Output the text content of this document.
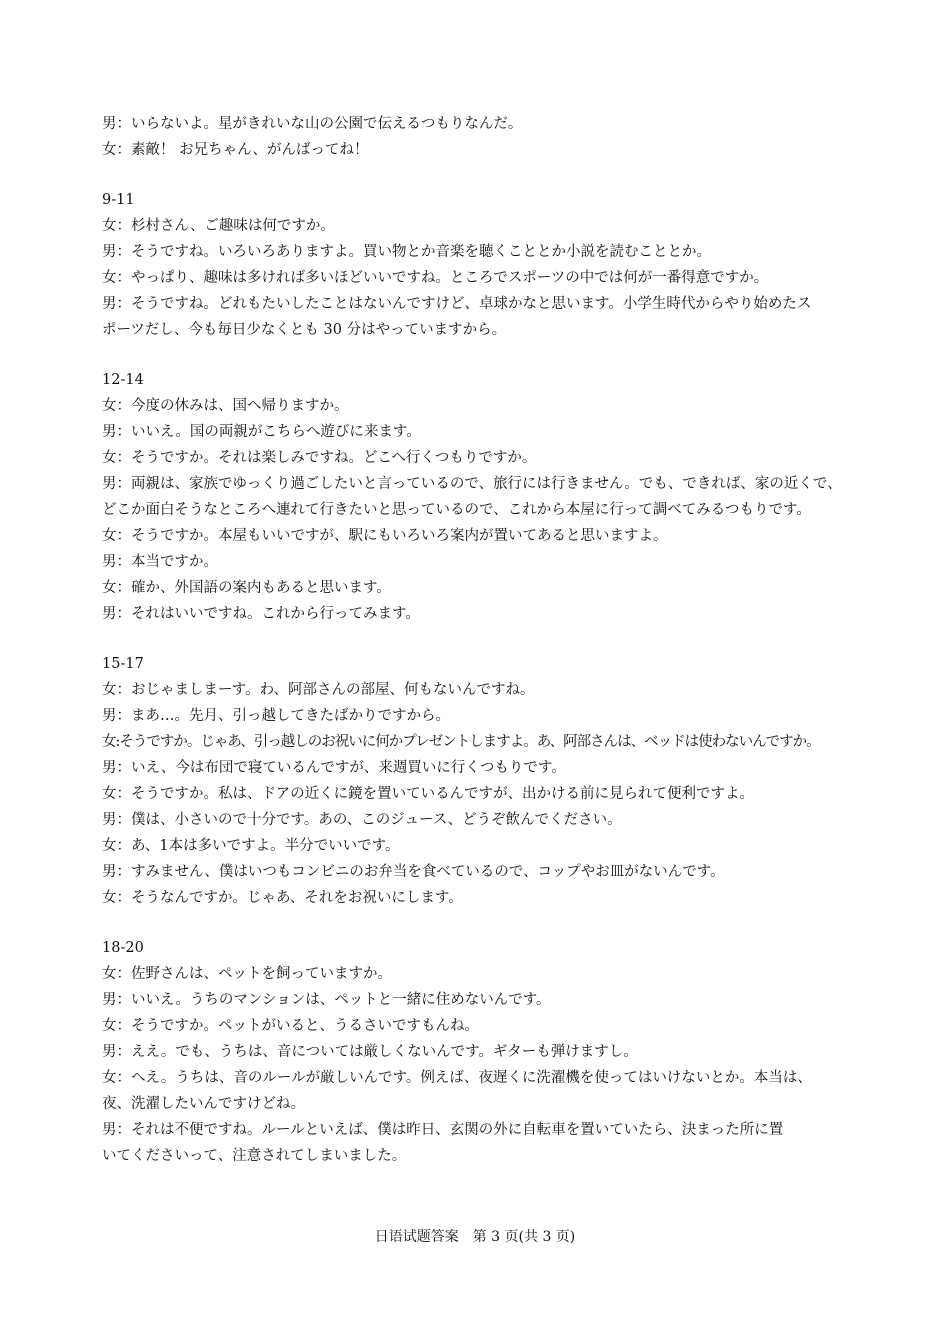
男：いらないよ。星がきれいな山の公園で伝えるつもりなんだ。
女：素敵！ お兄ちゃん、がんばってね！
9-11
女：杉村さん、ご趣味は何ですか。
男：そうですね。いろいろありますよ。買い物とか音楽を聴くこととか小説を読むこととか。
女：やっぱり、趣味は多ければ多いほどいいですね。ところでスポーツの中では何が一番得意ですか。
男：そうですね。どれもたいしたことはないんですけど、卓球かなと思います。小学生時代からやり始めたス
ポーツだし、今も毎日少なくとも 30 分はやっていますから。
12-14
女：今度の休みは、国へ帰りますか。
男：いいえ。国の両親がこちらへ遊びに来ます。
女：そうですか。それは楽しみですね。どこへ行くつもりですか。
男：両親は、家族でゆっくり過ごしたいと言っているので、旅行には行きません。でも、できれば、家の近くで、
どこか面白そうなところへ連れて行きたいと思っているので、これから本屋に行って調べてみるつもりです。
女：そうですか。本屋もいいですが、駅にもいろいろ案内が置いてあると思いますよ。
男：本当ですか。
女：確か、外国語の案内もあると思います。
男：それはいいですね。これから行ってみます。
15-17
女：おじゃましまーす。わ、阿部さんの部屋、何もないんですね。
男：まあ…。先月、引っ越してきたばかりですから。
女:そうですか。じゃあ、引っ越しのお祝いに何かプレゼントしますよ。あ、阿部さんは、ベッドは使わないんですか。
男：いえ、今は布団で寝ているんですが、来週買いに行くつもりです。
女：そうですか。私は、ドアの近くに鏡を置いているんですが、出かける前に見られて便利ですよ。
男：僕は、小さいので十分です。あの、このジュース、どうぞ飲んでください。
女：あ、1本は多いですよ。半分でいいです。
男：すみません、僕はいつもコンビニのお弁当を食べているので、コップやお皿がないんです。
女：そうなんですか。じゃあ、それをお祝いにします。
18-20
女：佐野さんは、ペットを飼っていますか。
男：いいえ。うちのマンションは、ペットと一緒に住めないんです。
女：そうですか。ペットがいると、うるさいですもんね。
男：ええ。でも、うちは、音については厳しくないんです。ギターも弾けますし。
女：へえ。うちは、音のルールが厳しいんです。例えば、夜遅くに洗濯機を使ってはいけないとか。本当は、
夜、洗濯したいんですけどね。
男：それは不便ですね。ルールといえば、僕は昨日、玄関の外に自転車を置いていたら、決まった所に置
いてくださいって、注意されてしまいました。
日语试题答案　第 3 页(共 3 页)
